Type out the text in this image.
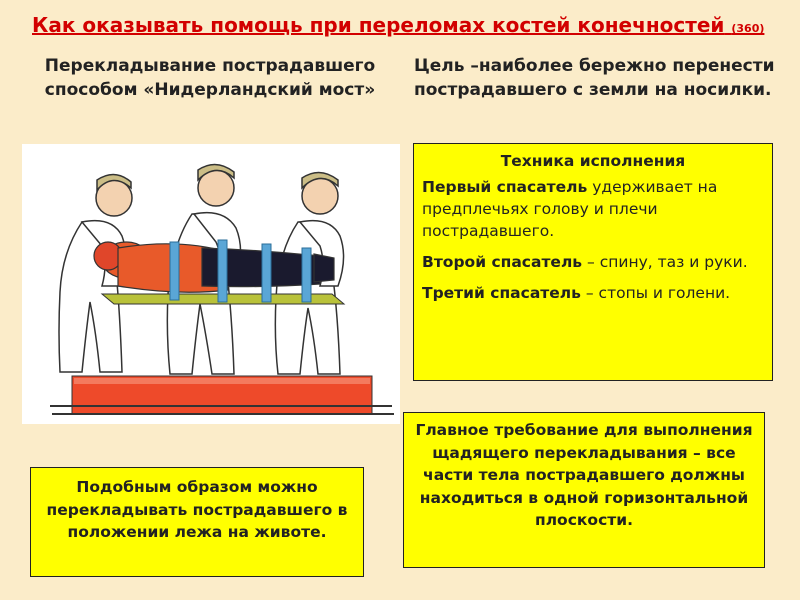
Как оказывать помощь при переломах костей конечностей (360)
Перекладывание пострадавшего способом «Нидерландский мост»
Цель –наиболее бережно перенести пострадавшего с земли на носилки.
Техника исполнения

Первый спасатель удерживает на предплечьях голову и плечи пострадавшего.

Второй спасатель – спину, таз и руки.

Третий спасатель – стопы и голени.

Главное требование для выполнения щадящего перекладывания – все части тела пострадавшего должны находиться в одной горизонтальной плоскости.
Подобным образом можно перекладывать пострадавшего в положении лежа на животе.
